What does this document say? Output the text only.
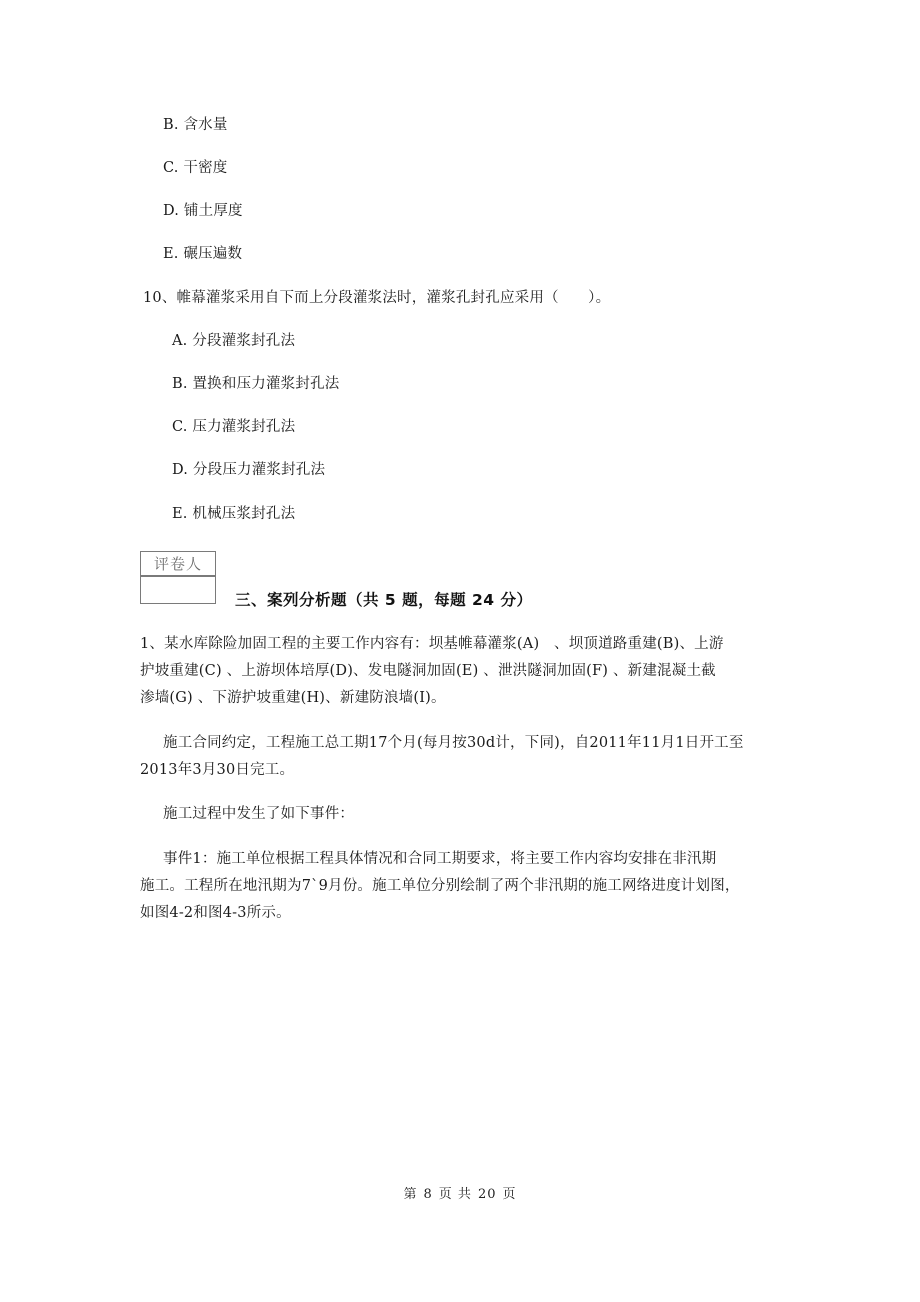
B. 含水量
C. 干密度
D. 铺土厚度
E. 碾压遍数
10、帷幕灌浆采用自下而上分段灌浆法时，灌浆孔封孔应采用（　　）。
A. 分段灌浆封孔法
B. 置换和压力灌浆封孔法
C. 压力灌浆封孔法
D. 分段压力灌浆封孔法
E. 机械压浆封孔法
评卷人
三、案列分析题（共 5 题，每题 24 分）
1、某水库除险加固工程的主要工作内容有：坝基帷幕灌浆(A)　、坝顶道路重建(B)、上游
护坡重建(C) 、上游坝体培厚(D)、发电隧洞加固(E) 、泄洪隧洞加固(F) 、新建混凝土截
渗墙(G) 、下游护坡重建(H)、新建防浪墙(I)。
施工合同约定，工程施工总工期17个月(每月按30d计，下同)，自2011年11月1日开工至
2013年3月30日完工。
施工过程中发生了如下事件：
事件1：施工单位根据工程具体情况和合同工期要求，将主要工作内容均安排在非汛期
施工。工程所在地汛期为7`9月份。施工单位分别绘制了两个非汛期的施工网络进度计划图，
如图4-2和图4-3所示。
第 8 页 共 20 页
